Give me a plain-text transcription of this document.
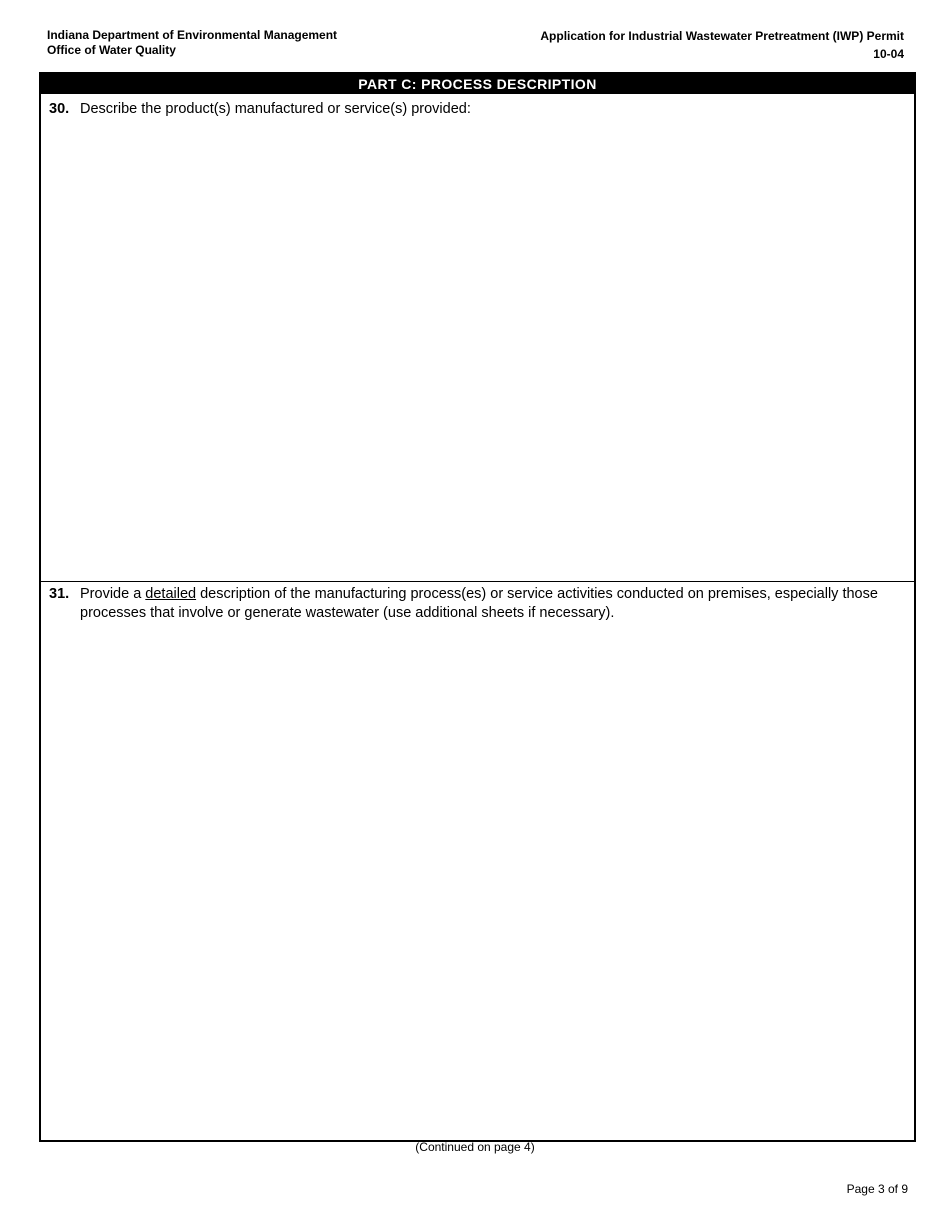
Indiana Department of Environmental Management
Office of Water Quality
Application for Industrial Wastewater Pretreatment (IWP) Permit
10-04
PART C: PROCESS DESCRIPTION
30. Describe the product(s) manufactured or service(s) provided:
31. Provide a detailed description of the manufacturing process(es) or service activities conducted on premises, especially those processes that involve or generate wastewater (use additional sheets if necessary).
(Continued on page 4)
Page 3 of 9
